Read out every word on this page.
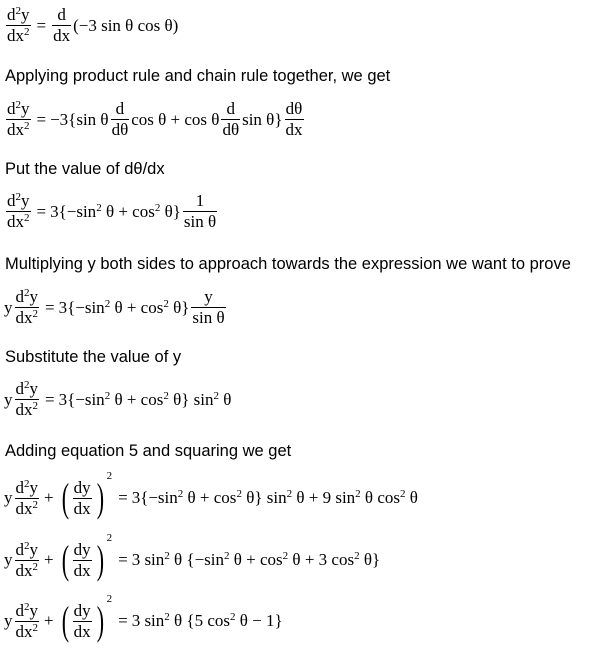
$\frac{d^2y}{dx^2} = \frac{d}{dx} (-3$ sin θ cos θ)
Applying product rule and chain rule together, we get
$\frac{d^2y}{dx^2} = -3\{\sin$ θ $\frac{d}{d\theta}$ cos θ + cos θ $\frac{d}{d\theta}$ $\sin \theta\} \frac{d\theta}{dx}$
Put the value of dθ/dx
$\frac{d^2y}{dx^2} = 3\{-\sin^2$ $\theta + \cos^2 \theta\} \frac{1}{\text{sin θ}}$
Multiplying y both sides to approach towards the expression we want to prove
y $\frac{d^2y}{dx^2} = 3\{-\sin^2$ $\theta + \cos^2 \theta\} \frac{y}{\text{sin θ}}$
Substitute the value of y
y $\frac{d^2y}{dx^2} = 3\{-\sin^2$ $\theta + \cos^2 \theta$} $\sin^2 \theta$
Adding equation 5 and squaring we get
y $\frac{d^2y}{dx^2}$ + ( $\frac{dy}{dx}$ ) 2
= $3\{-\sin^2$ $\theta + \cos^2 \theta$} $\sin^2 \theta + 9$ $\sin^2 \theta$ $\cos^2 \theta$
y $\frac{d^2y}{dx^2}$ + ( $\frac{dy}{dx}$ ) 2
= 3 $\sin^2 \theta$ {$-\sin^2$ $\theta + \cos^2 \theta + 3$ $\cos^2 \theta$}
y $\frac{d^2y}{dx^2}$ + ( $\frac{dy}{dx}$ ) 2
= 3 $\sin^2 \theta$ {5 $\cos^2 \theta - 1$}
